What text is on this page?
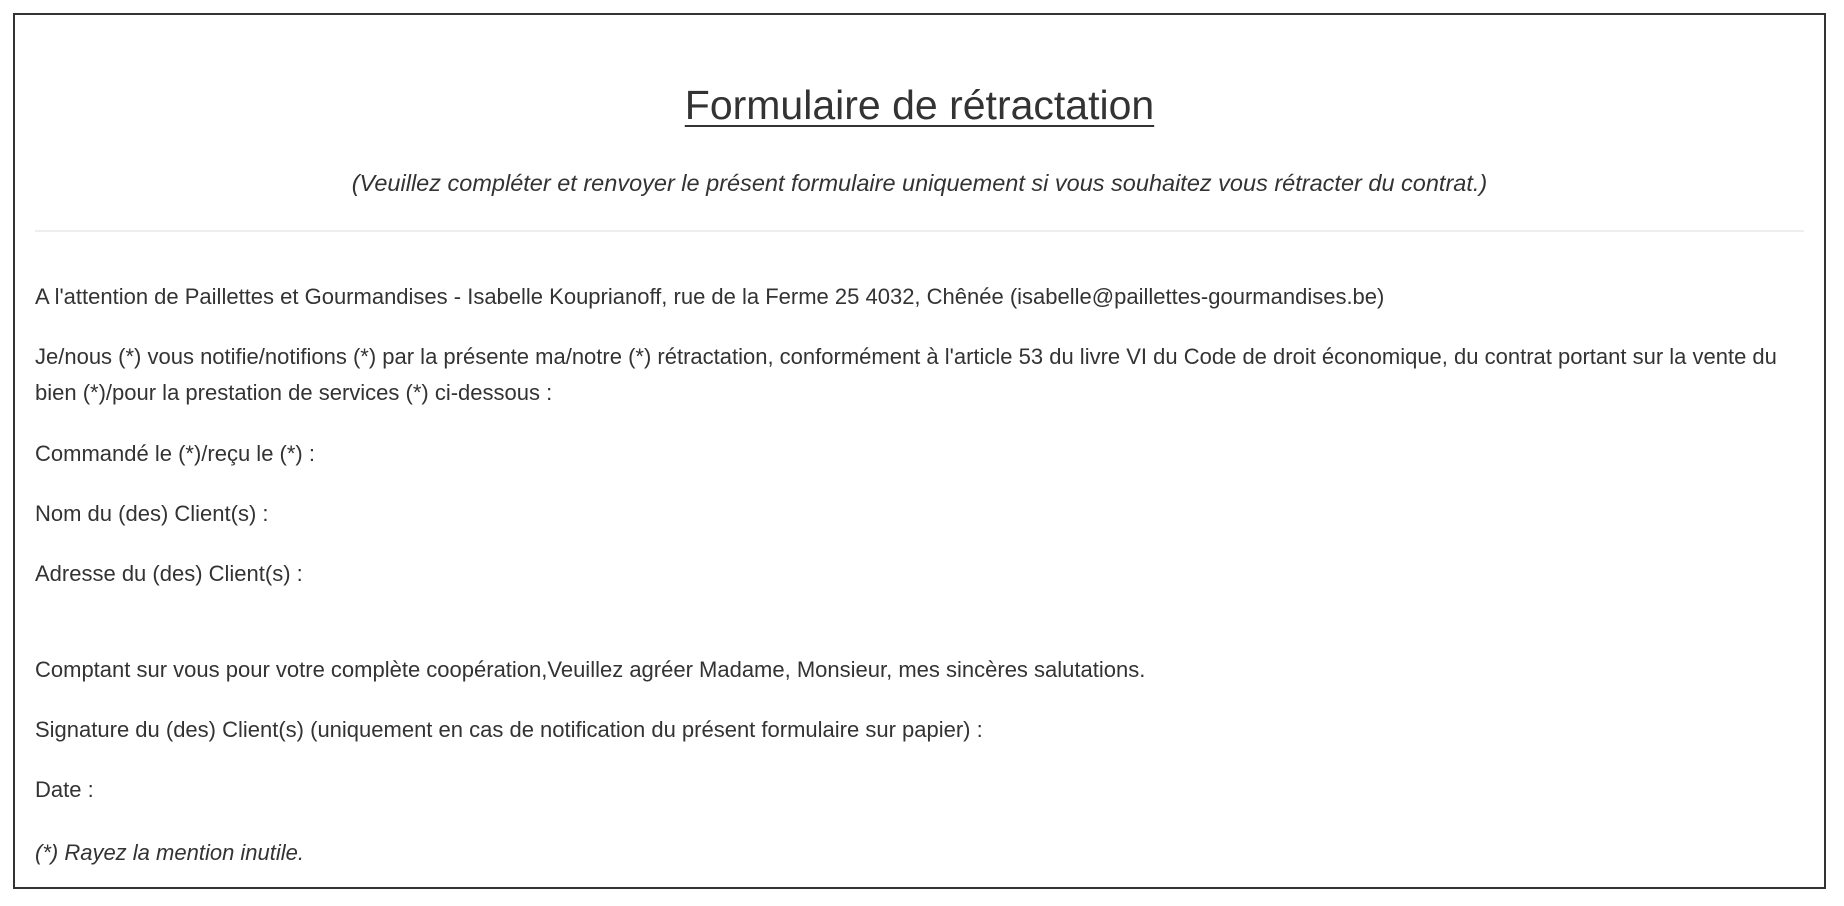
Formulaire de rétractation

(Veuillez compléter et renvoyer le présent formulaire uniquement si vous souhaitez vous rétracter du contrat.)

A l'attention de Paillettes et Gourmandises - Isabelle Kouprianoff, rue de la Ferme 25 4032, Chênée (isabelle@paillettes-gourmandises.be)

Je/nous (*) vous notifie/notifions (*) par la présente ma/notre (*) rétractation, conformément à l'article 53 du livre VI du Code de droit économique, du contrat portant sur la vente du bien (*)/pour la prestation de services (*) ci-dessous :

Commandé le (*)/reçu le (*) :

Nom du (des) Client(s) :

Adresse du (des) Client(s) :

Comptant sur vous pour votre complète coopération,Veuillez agréer Madame, Monsieur, mes sincères salutations.

Signature du (des) Client(s) (uniquement en cas de notification du présent formulaire sur papier) :

Date :

(*) Rayez la mention inutile.
